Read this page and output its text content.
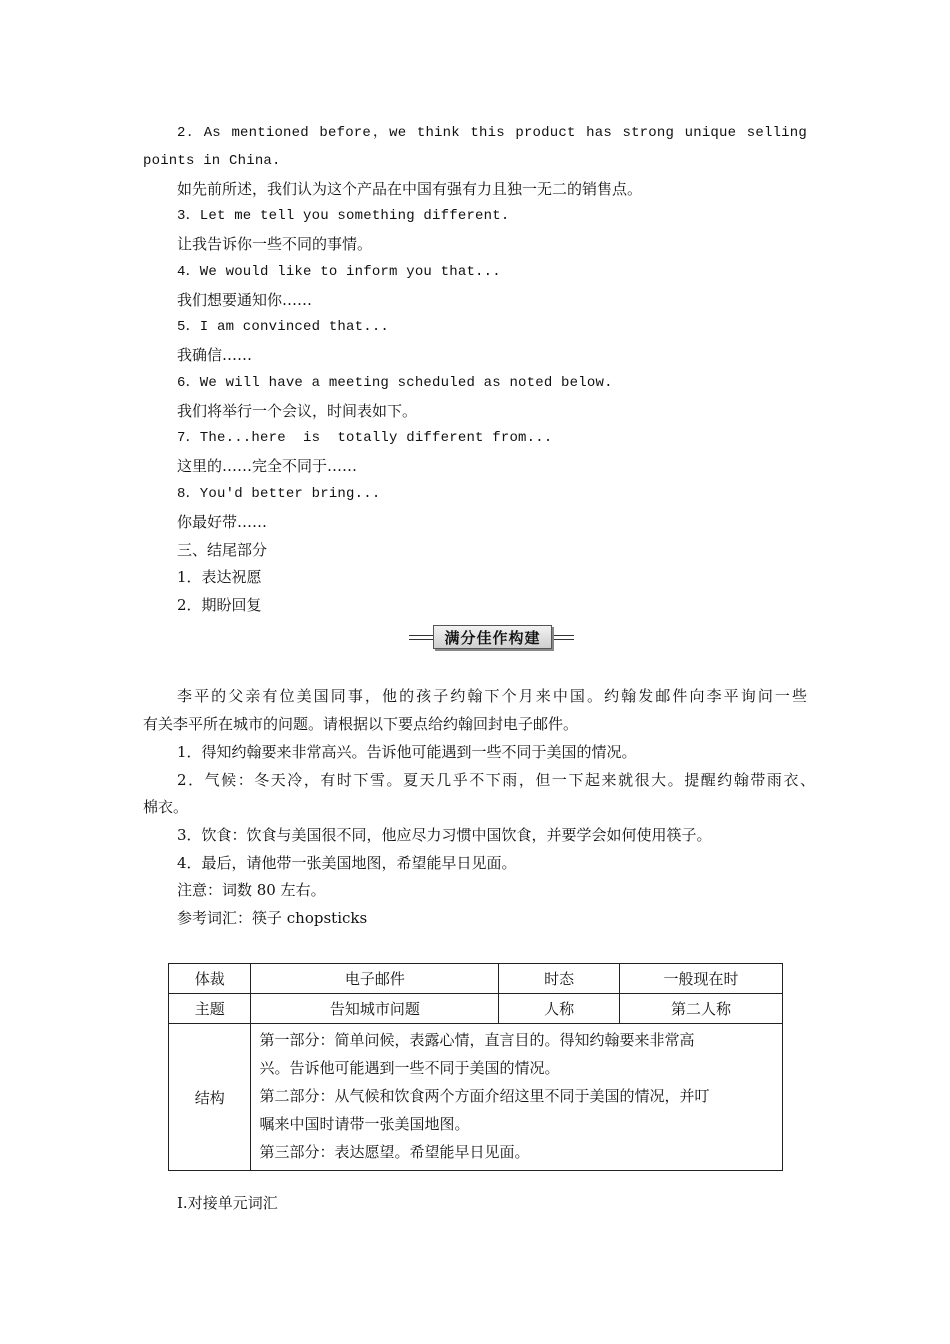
2．As mentioned before，we think this product has strong unique selling
points in China.
如先前所述，我们认为这个产品在中国有强有力且独一无二的销售点。
3．Let me tell you something different.
让我告诉你一些不同的事情。
4．We would like to inform you that...
我们想要通知你……
5．I am convinced that...
我确信……
6．We will have a meeting scheduled as noted below.
我们将举行一个会议，时间表如下。
7．The...here  is  totally different from...
这里的……完全不同于……
8．You'd better bring...
你最好带……
三、结尾部分
1．表达祝愿
2．期盼回复
满分佳作构建
李平的父亲有位美国同事，他的孩子约翰下个月来中国。约翰发邮件向李平询问一些
有关李平所在城市的问题。请根据以下要点给约翰回封电子邮件。
1．得知约翰要来非常高兴。告诉他可能遇到一些不同于美国的情况。
2．气候：冬天冷，有时下雪。夏天几乎不下雨，但一下起来就很大。提醒约翰带雨衣、
棉衣。
3．饮食：饮食与美国很不同，他应尽力习惯中国饮食，并要学会如何使用筷子。
4．最后，请他带一张美国地图，希望能早日见面。
注意：词数 80 左右。
参考词汇：筷子 chopsticks
体裁	电子邮件	时态	一般现在时
主题	告知城市问题	人称	第二人称
结构	第一部分：简单问候，表露心情，直言目的。得知约翰要来非常高
兴。告诉他可能遇到一些不同于美国的情况。
第二部分：从气候和饮食两个方面介绍这里不同于美国的情况，并叮
嘱来中国时请带一张美国地图。
第三部分：表达愿望。希望能早日见面。		
Ⅰ.对接单元词汇
